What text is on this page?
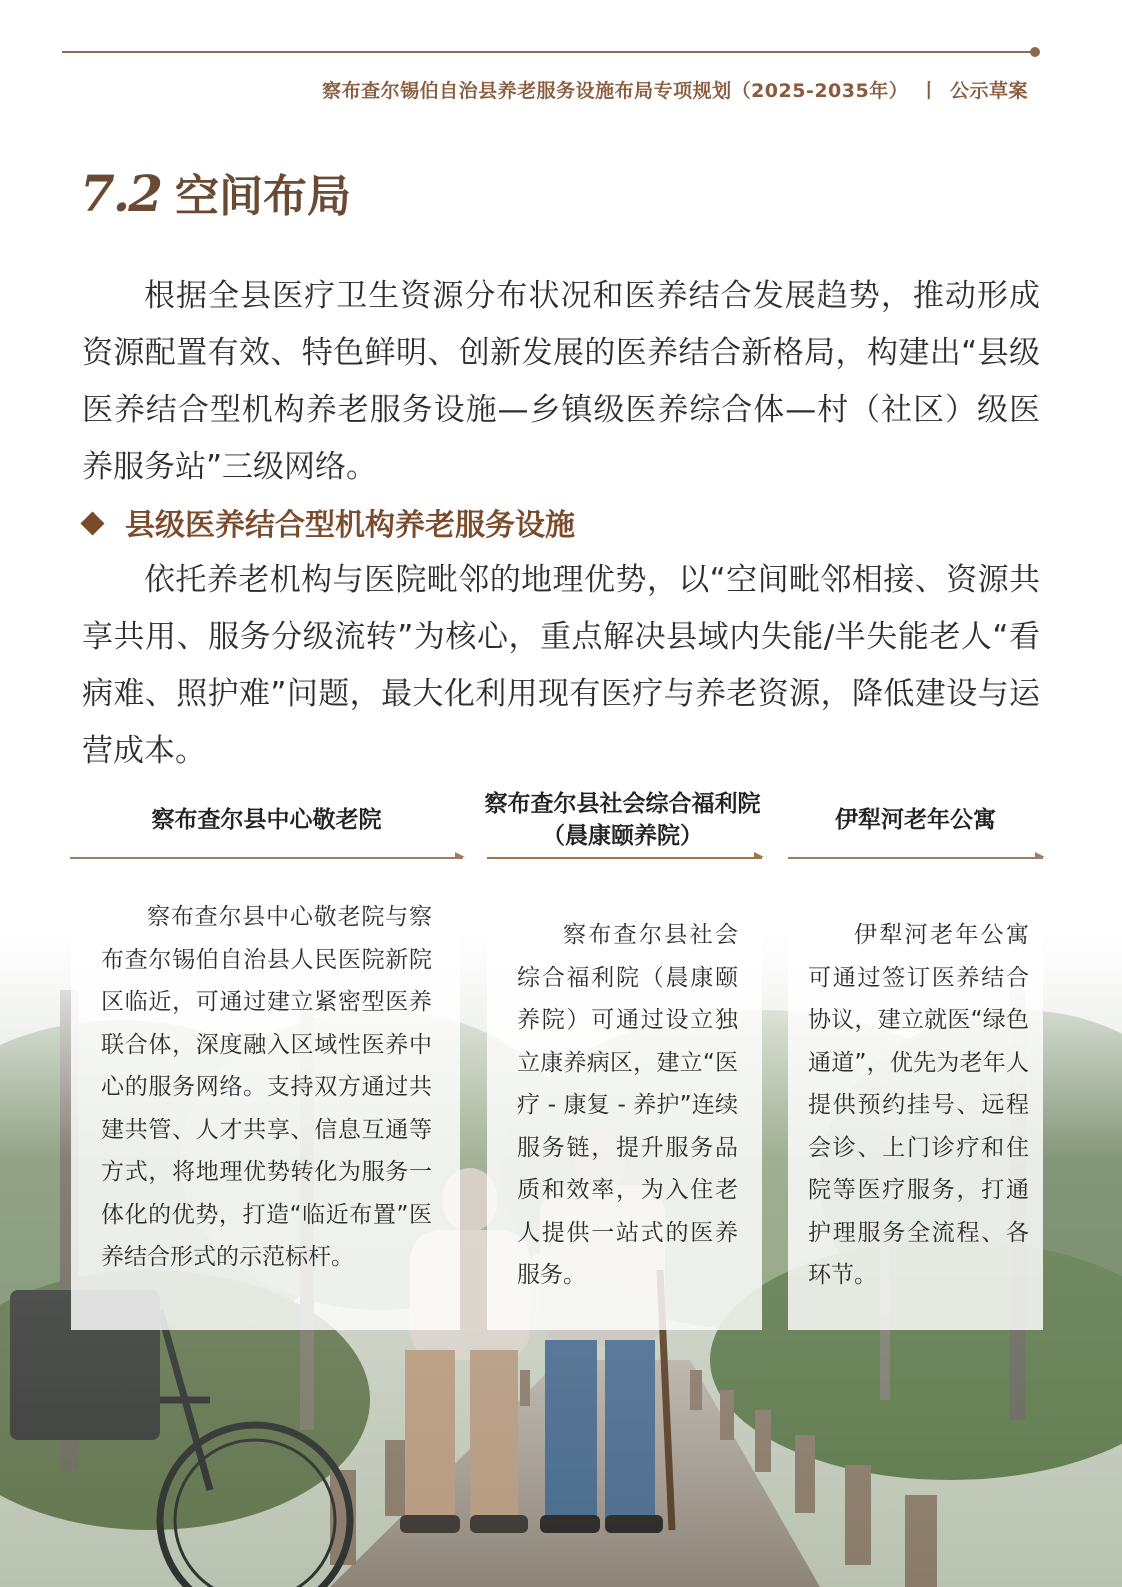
察布查尔锡伯自治县养老服务设施布局专项规划（2025-2035年） 丨 公示草案
7.2 空间布局

根据全县医疗卫生资源分布状况和医养结合发展趋势，推动形成资源配置有效、特色鲜明、创新发展的医养结合新格局，构建出“县级医养结合型机构养老服务设施—乡镇级医养综合体—村（社区）级医养服务站”三级网络。

县级医养结合型机构养老服务设施

依托养老机构与医院毗邻的地理优势，以“空间毗邻相接、资源共享共用、服务分级流转”为核心，重点解决县域内失能/半失能老人“看病难、照护难”问题，最大化利用现有医疗与养老资源，降低建设与运营成本。

察布查尔县中心敬老院
察布查尔县社会综合福利院
（晨康颐养院）
伊犁河老年公寓

察布查尔县中心敬老院与察布查尔锡伯自治县人民医院新院区临近，可通过建立紧密型医养联合体，深度融入区域性医养中心的服务网络。支持双方通过共建共管、人才共享、信息互通等方式，将地理优势转化为服务一体化的优势，打造“临近布置”医养结合形式的示范标杆。

察布查尔县社会综合福利院（晨康颐养院）可通过设立独立康养病区，建立“医疗 - 康复 - 养护”连续服务链，提升服务品质和效率，为入住老人提供一站式的医养服务。

伊犁河老年公寓可通过签订医养结合协议，建立就医“绿色通道”，优先为老年人提供预约挂号、远程会诊、上门诊疗和住院等医疗服务，打通护理服务全流程、各环节。
